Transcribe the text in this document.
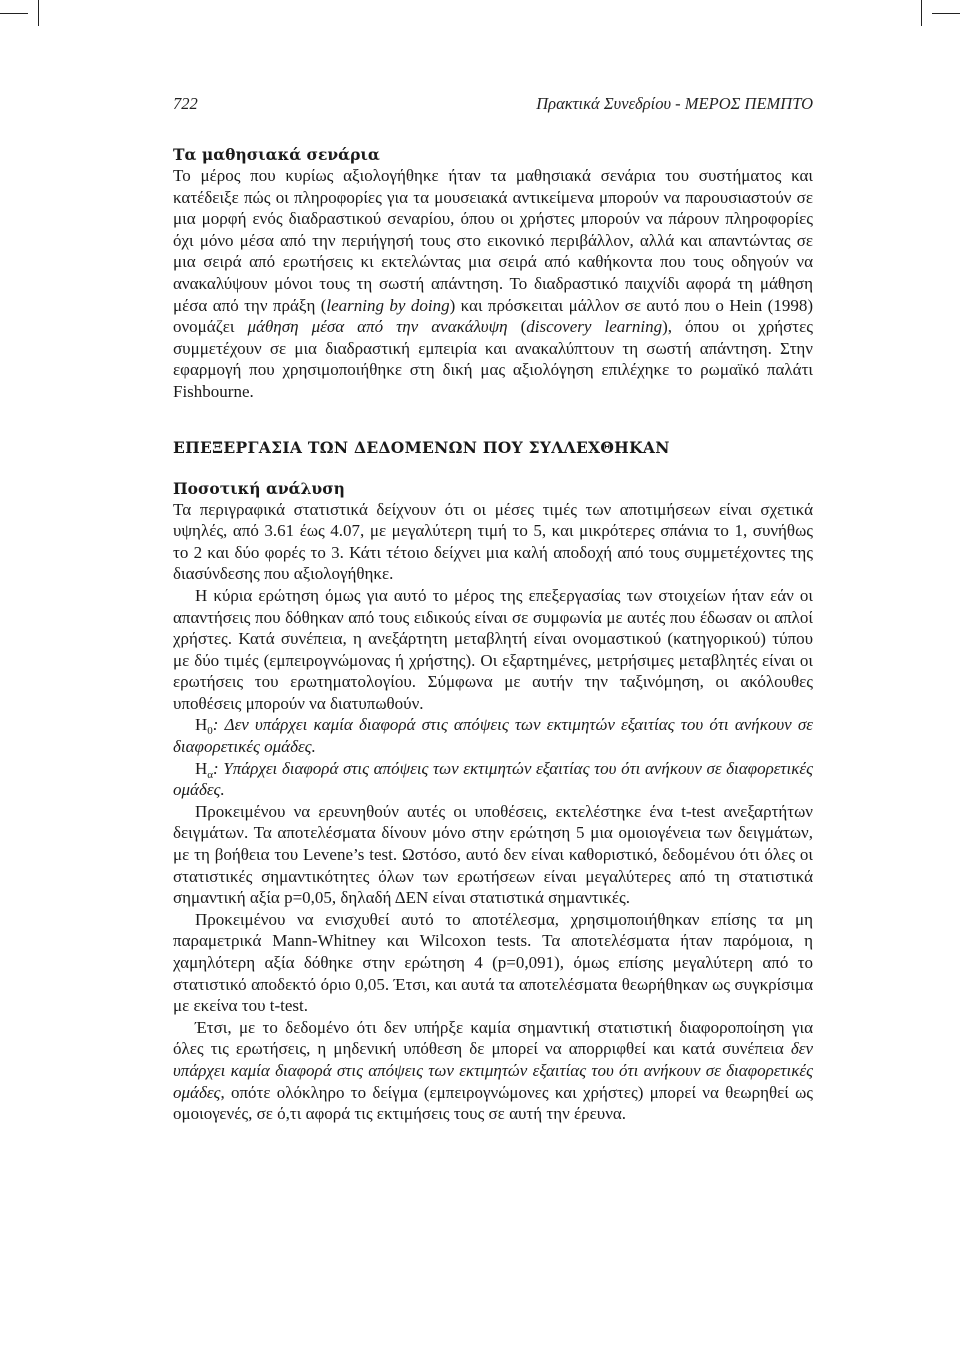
722	Πρακτικά Συνεδρίου - ΜΕΡΟΣ ΠΕΜΠΤΟ
Τα μαθησιακά σενάρια

Το μέρος που κυρίως αξιολογήθηκε ήταν τα μαθησιακά σενάρια του συστήματος και κατέδειξε πώς οι πληροφορίες για τα μουσειακά αντικείμενα μπορούν να παρουσιαστούν σε μια μορφή ενός διαδραστικού σεναρίου, όπου οι χρήστες μπορούν να πάρουν πληροφορίες όχι μόνο μέσα από την περιήγησή τους στο εικονικό περιβάλλον, αλλά και απαντώντας σε μια σειρά από ερωτήσεις κι εκτελώντας μια σειρά από καθήκοντα που τους οδηγούν να ανακαλύψουν μόνοι τους τη σωστή απάντηση. Το διαδραστικό παιχνίδι αφορά τη μάθηση μέσα από την πράξη (learning by doing) και πρόσκειται μάλλον σε αυτό που ο Hein (1998) ονομάζει μάθηση μέσα από την ανακάλυψη (discovery learning), όπου οι χρήστες συμμετέχουν σε μια διαδραστική εμπειρία και ανακαλύπτουν τη σωστή απάντηση. Στην εφαρμογή που χρησιμοποιήθηκε στη δική μας αξιολόγηση επιλέχηκε το ρωμαϊκό παλάτι Fishbourne.

ΕΠΕΞΕΡΓΑΣΙΑ ΤΩΝ ΔΕΔΟΜΕΝΩΝ ΠΟΥ ΣΥΛΛΕΧΘΗΚΑΝ
Ποσοτική ανάλυση

Τα περιγραφικά στατιστικά δείχνουν ότι οι μέσες τιμές των αποτιμήσεων είναι σχετικά υψηλές, από 3.61 έως 4.07, με μεγαλύτερη τιμή το 5, και μικρότερες σπάνια το 1, συνήθως το 2 και δύο φορές το 3. Κάτι τέτοιο δείχνει μια καλή αποδοχή από τους συμμετέχοντες της διασύνδεσης που αξιολογήθηκε.

Η κύρια ερώτηση όμως για αυτό το μέρος της επεξεργασίας των στοιχείων ήταν εάν οι απαντήσεις που δόθηκαν από τους ειδικούς είναι σε συμφωνία με αυτές που έδωσαν οι απλοί χρήστες. Κατά συνέπεια, η ανεξάρτητη μεταβλητή είναι ονομαστικού (κατηγορικού) τύπου με δύο τιμές (εμπειρογνώμονας ή χρήστης). Οι εξαρτημένες, μετρήσιμες μεταβλητές είναι οι ερωτήσεις του ερωτηματολογίου. Σύμφωνα με αυτήν την ταξινόμηση, οι ακόλουθες υποθέσεις μπορούν να διατυπωθούν.

$H_0$: Δεν υπάρχει καμία διαφορά στις απόψεις των εκτιμητών εξαιτίας του ότι ανήκουν σε διαφορετικές ομάδες.

$H_\alpha$: Υπάρχει διαφορά στις απόψεις των εκτιμητών εξαιτίας του ότι ανήκουν σε διαφορετικές ομάδες.

Προκειμένου να ερευνηθούν αυτές οι υποθέσεις, εκτελέστηκε ένα t-test ανεξαρτήτων δειγμάτων. Τα αποτελέσματα δίνουν μόνο στην ερώτηση 5 μια ομοιογένεια των δειγμάτων, με τη βοήθεια του Levene’s test. Ωστόσο, αυτό δεν είναι καθοριστικό, δεδομένου ότι όλες οι στατιστικές σημαντικότητες όλων των ερωτήσεων είναι μεγαλύτερες από τη στατιστικά σημαντική αξία p=0,05, δηλαδή ΔΕΝ είναι στατιστικά σημαντικές.

Προκειμένου να ενισχυθεί αυτό το αποτέλεσμα, χρησιμοποιήθηκαν επίσης τα μη παραμετρικά Mann-Whitney και Wilcoxon tests. Τα αποτελέσματα ήταν παρόμοια, η χαμηλότερη αξία δόθηκε στην ερώτηση 4 (p=0,091), όμως επίσης μεγαλύτερη από το στατιστικό αποδεκτό όριο 0,05. Έτσι, και αυτά τα αποτελέσματα θεωρήθηκαν ως συγκρίσιμα με εκείνα του t-test.

Έτσι, με το δεδομένο ότι δεν υπήρξε καμία σημαντική στατιστική διαφοροποίηση για όλες τις ερωτήσεις, η μηδενική υπόθεση δε μπορεί να απορριφθεί και κατά συνέπεια δεν υπάρχει καμία διαφορά στις απόψεις των εκτιμητών εξαιτίας του ότι ανήκουν σε διαφορετικές ομάδες, οπότε ολόκληρο το δείγμα (εμπειρογνώμονες και χρήστες) μπορεί να θεωρηθεί ως ομοιογενές, σε ό,τι αφορά τις εκτιμήσεις τους σε αυτή την έρευνα.
